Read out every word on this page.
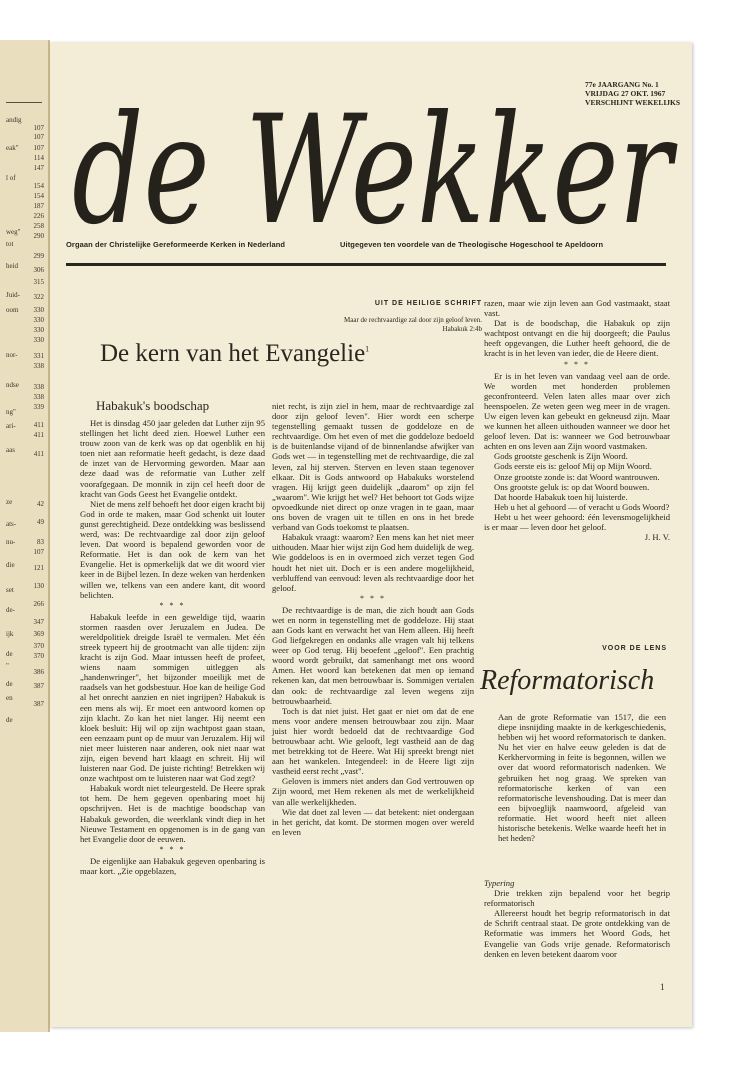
andig
eak"
l of
weg"
tot
heid
Juid-
oom
nor-
ndse
ng"
ari-
aas
ze
ats-
nu-
die
set
de-
ijk
de
"
de
en
de
107
107
107
114
147
154
154
187
226
258
290
299
306
315
322
330
330
330
330
331
338
338
338
339
411
411
411
42
49
83
107
121
130
266
347
369
370
370
386
387
387
77e JAARGANG No. 1
VRIJDAG 27 OKT. 1967
VERSCHIJNT WEKELIJKS
de Wekker
Orgaan der Christelijke Gereformeerde Kerken in Nederland	Uitgegeven ten voordele van de Theologische Hogeschool te Apeldoorn
UIT DE HEILIGE SCHRIFT
Maar de rechtvaardige zal door zijn geloof leven.
Habakuk 2:4b
De kern van het Evangelie$^1$
Habakuk's boodschap

Het is dinsdag 450 jaar geleden dat Luther zijn 95 stellingen het licht deed zien. Hoewel Luther een trouw zoon van de kerk was op dat ogenblik en hij toen niet aan reformatie heeft gedacht, is deze daad de inzet van de Hervorming geworden. Maar aan deze daad was de reformatie van Luther zelf voorafgegaan. De monnik in zijn cel heeft door de kracht van Gods Geest het Evangelie ontdekt.

Niet de mens zelf behoeft het door eigen kracht bij God in orde te maken, maar God schenkt uit louter gunst gerechtigheid. Deze ontdekking was beslissend werd, was: De rechtvaardige zal door zijn geloof leven. Dat woord is bepalend geworden voor de Reformatie. Het is dan ook de kern van het Evangelie. Het is opmerkelijk dat we dit woord vier keer in de Bijbel lezen. In deze weken van herdenken willen we, telkens van een andere kant, dit woord belichten.

* * *

Habakuk leefde in een geweldige tijd, waarin stormen raasden over Jeruzalem en Judea. De wereldpolitiek dreigde Israël te vermalen. Met één streek typeert hij de grootmacht van alle tijden: zijn kracht is zijn God. Maar intussen heeft de profeet, wiens naam sommigen uitleggen als „handenwringer", het bijzonder moeilijk met de raadsels van het godsbestuur. Hoe kan de heilige God al het onrecht aanzien en niet ingrijpen? Habakuk is een mens als wij. Er moet een antwoord komen op zijn klacht. Zo kan het niet langer. Hij neemt een kloek besluit: Hij wil op zijn wachtpost gaan staan, een eenzaam punt op de muur van Jeruzalem. Hij wil niet meer luisteren naar anderen, ook niet naar wat zijn, eigen bevend hart klaagt en schreit. Hij wil luisteren naar God. De juiste richting! Betrekken wij onze wachtpost om te luisteren naar wat God zegt?

Habakuk wordt niet teleurgesteld. De Heere sprak tot hem. De hem gegeven openbaring moet hij opschrijven. Het is de machtige boodschap van Habakuk geworden, die weerklank vindt diep in het Nieuwe Testament en opgenomen is in de gang van het Evangelie door de eeuwen.

* * *

De eigenlijke aan Habakuk gegeven openbaring is maar kort. „Zie opgeblazen,

niet recht, is zijn ziel in hem, maar de rechtvaardige zal door zijn geloof leven". Hier wordt een scherpe tegenstelling gemaakt tussen de goddeloze en de rechtvaardige. Om het even of met die goddeloze bedoeld is de buitenlandse vijand of de binnenlandse afwijker van Gods wet — in tegenstelling met de rechtvaardige, die zal leven, zal hij sterven. Sterven en leven staan tegenover elkaar. Dit is Gods antwoord op Habakuks worstelend vragen. Hij krijgt geen duidelijk „daarom" op zijn fel „waarom". Wie krijgt het wel? Het behoort tot Gods wijze opvoedkunde niet direct op onze vragen in te gaan, maar ons boven de vragen uit te tillen en ons in het brede verband van Gods toekomst te plaatsen.

Habakuk vraagt: waarom? Een mens kan het niet meer uithouden. Maar hier wijst zijn God hem duidelijk de weg. Wie goddeloos is en in overmoed zich verzet tegen God houdt het niet uit. Doch er is een andere mogelijkheid, verbluffend van eenvoud: leven als rechtvaardige door het geloof.

* * *

De rechtvaardige is de man, die zich houdt aan Gods wet en norm in tegenstelling met de goddeloze. Hij staat aan Gods kant en verwacht het van Hem alleen. Hij heeft God liefgekregen en ondanks alle vragen valt hij telkens weer op God terug. Hij beoefent „geloof". Een prachtig woord wordt gebruikt, dat samenhangt met ons woord Amen. Het woord kan betekenen dat men op iemand rekenen kan, dat men betrouwbaar is. Sommigen vertalen dan ook: de rechtvaardige zal leven wegens zijn betrouwbaarheid.

Toch is dat niet juist. Het gaat er niet om dat de ene mens voor andere mensen betrouwbaar zou zijn. Maar juist hier wordt bedoeld dat de rechtvaardige God betrouwbaar acht. Wie gelooft, legt vastheid aan de dag met betrekking tot de Heere. Wat Hij spreekt brengt niet aan het wankelen. Integendeel: in de Heere ligt zijn vastheid eerst recht „vast".

Geloven is immers niet anders dan God vertrouwen op Zijn woord, met Hem rekenen als met de werkelijkheid van alle werkelijkheden.

Wie dat doet zal leven — dat betekent: niet ondergaan in het gericht, dat komt. De stormen mogen over wereld en leven

razen, maar wie zijn leven aan God vastmaakt, staat vast.

Dat is de boodschap, die Habakuk op zijn wachtpost ontvangt en die hij doorgeeft; die Paulus heeft opgevangen, die Luther heeft gehoord, die de kracht is in het leven van ieder, die de Heere dient.

* * *

Er is in het leven van vandaag veel aan de orde. We worden met honderden problemen geconfronteerd. Velen laten alles maar over zich heenspoelen. Ze weten geen weg meer in de vragen. Uw eigen leven kan gebeukt en gekneusd zijn. Maar we kunnen het alleen uithouden wanneer we door het geloof leven. Dat is: wanneer we God betrouwbaar achten en ons leven aan Zijn woord vastmaken.

Gods grootste geschenk is Zijn Woord.

Gods eerste eis is: geloof Mij op Mijn Woord.

Onze grootste zonde is: dat Woord wantrouwen.

Ons grootste geluk is: op dat Woord bouwen.

Dat hoorde Habakuk toen hij luisterde.

Heb u het al gehoord — of veracht u Gods Woord?

Hebt u het weer gehoord: één levensmogelijkheid is er maar — leven door het geloof.

J. H. V.
VOOR DE LENS
Reformatorisch

Aan de grote Reformatie van 1517, die een diepe insnijding maakte in de kerkgeschiedenis, hebben wij het woord reformatorisch te danken. Nu het vier en halve eeuw geleden is dat de Kerkhervorming in feite is begonnen, willen we over dat woord reformatorisch nadenken. We gebruiken het nog graag. We spreken van reformatorische kerken of van een reformatorische levenshouding. Dat is meer dan een bijvoeglijk naamwoord, afgeleid van reformatie. Het woord heeft niet alleen historische betekenis. Welke waarde heeft het in het heden?

Typering

Drie trekken zijn bepalend voor het begrip reformatorisch

Allereerst houdt het begrip reformatorisch in dat de Schrift centraal staat. De grote ontdekking van de Reformatie was immers het Woord Gods, het Evangelie van Gods vrije genade. Reformatorisch denken en leven betekent daarom voor

1
